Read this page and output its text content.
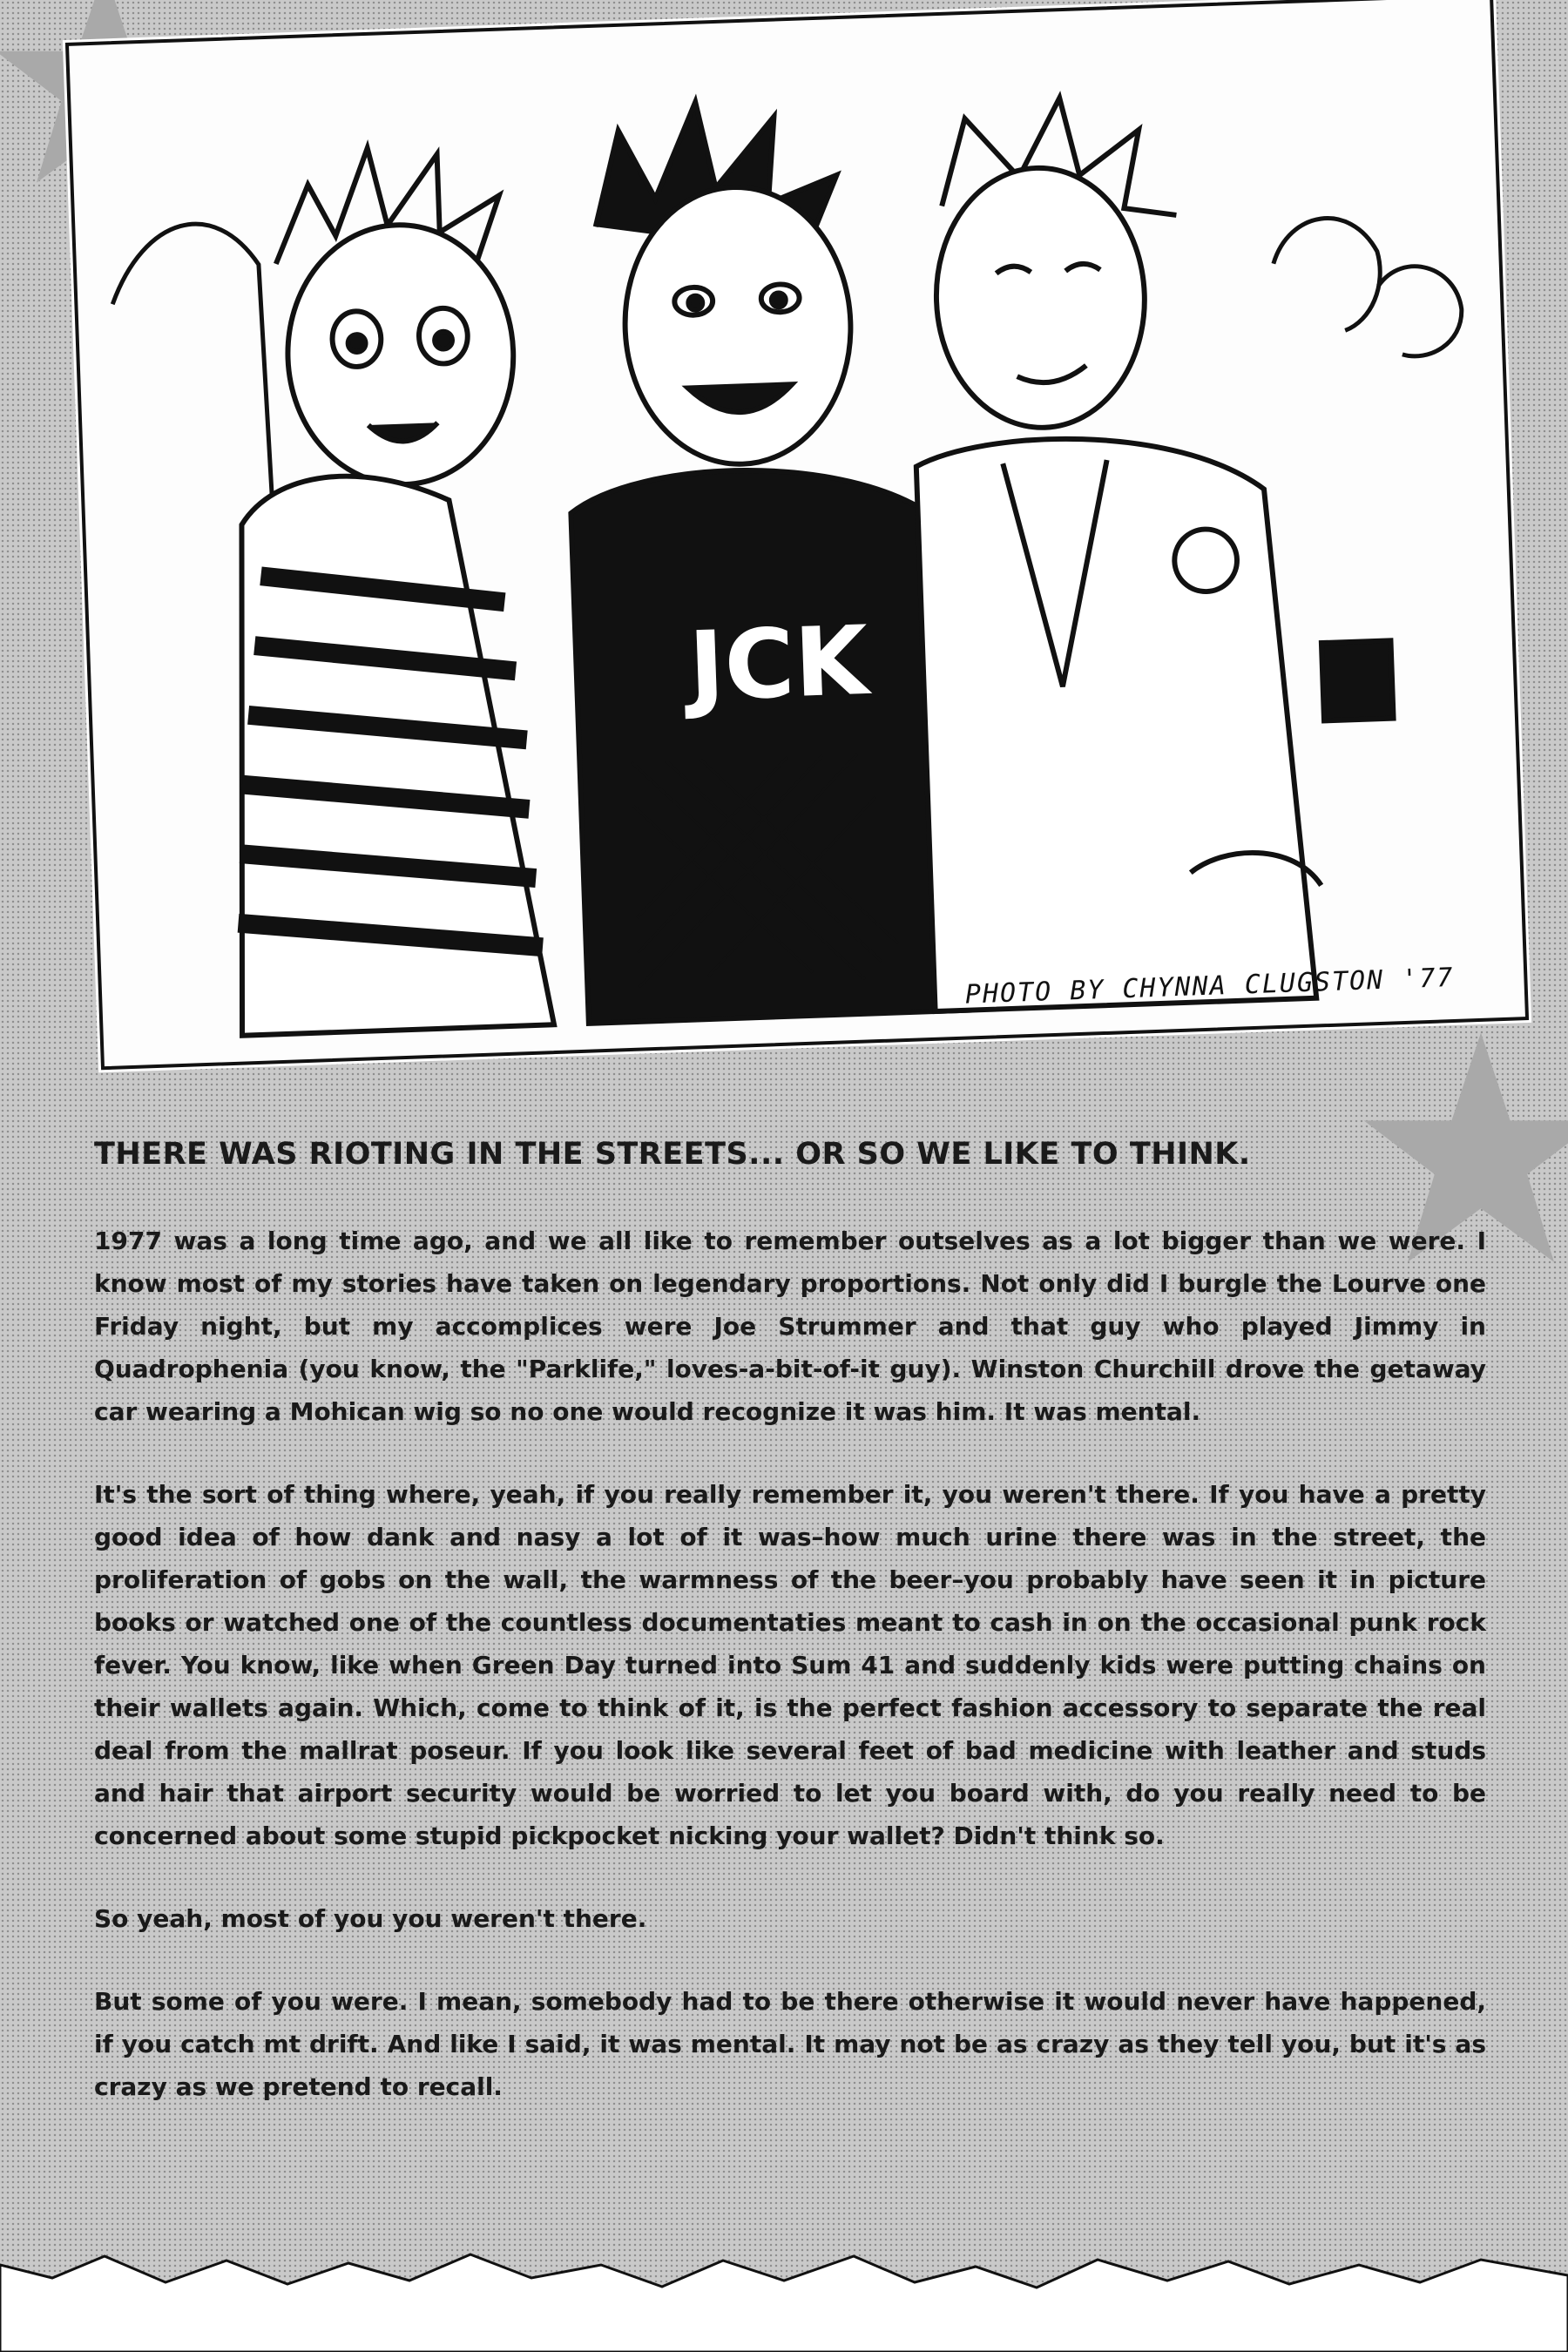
JCK
PHOTO BY CHYNNA CLUGSTON '77
THERE WAS RIOTING IN THE STREETS... OR SO WE LIKE TO THINK.

1977 was a long time ago, and we all like to remember outselves as a lot bigger than we were. I know most of my stories have taken on legendary proportions. Not only did I burgle the Lourve one Friday night, but my accomplices were Joe Strummer and that guy who played Jimmy in Quadrophenia (you know, the "Parklife," loves-a-bit-of-it guy). Winston Churchill drove the getaway car wearing a Mohican wig so no one would recognize it was him. It was mental.

It's the sort of thing where, yeah, if you really remember it, you weren't there. If you have a pretty good idea of how dank and nasy a lot of it was–how much urine there was in the street, the proliferation of gobs on the wall, the warmness of the beer–you probably have seen it in picture books or watched one of the countless documentaties meant to cash in on the occasional punk rock fever. You know, like when Green Day turned into Sum 41 and suddenly kids were putting chains on their wallets again. Which, come to think of it, is the perfect fashion accessory to separate the real deal from the mallrat poseur. If you look like several feet of bad medicine with leather and studs and hair that airport security would be worried to let you board with, do you really need to be concerned about some stupid pickpocket nicking your wallet? Didn't think so.

So yeah, most of you you weren't there.

But some of you were. I mean, somebody had to be there otherwise it would never have happened, if you catch mt drift. And like I said, it was mental. It may not be as crazy as they tell you, but it's as crazy as we pretend to recall.
